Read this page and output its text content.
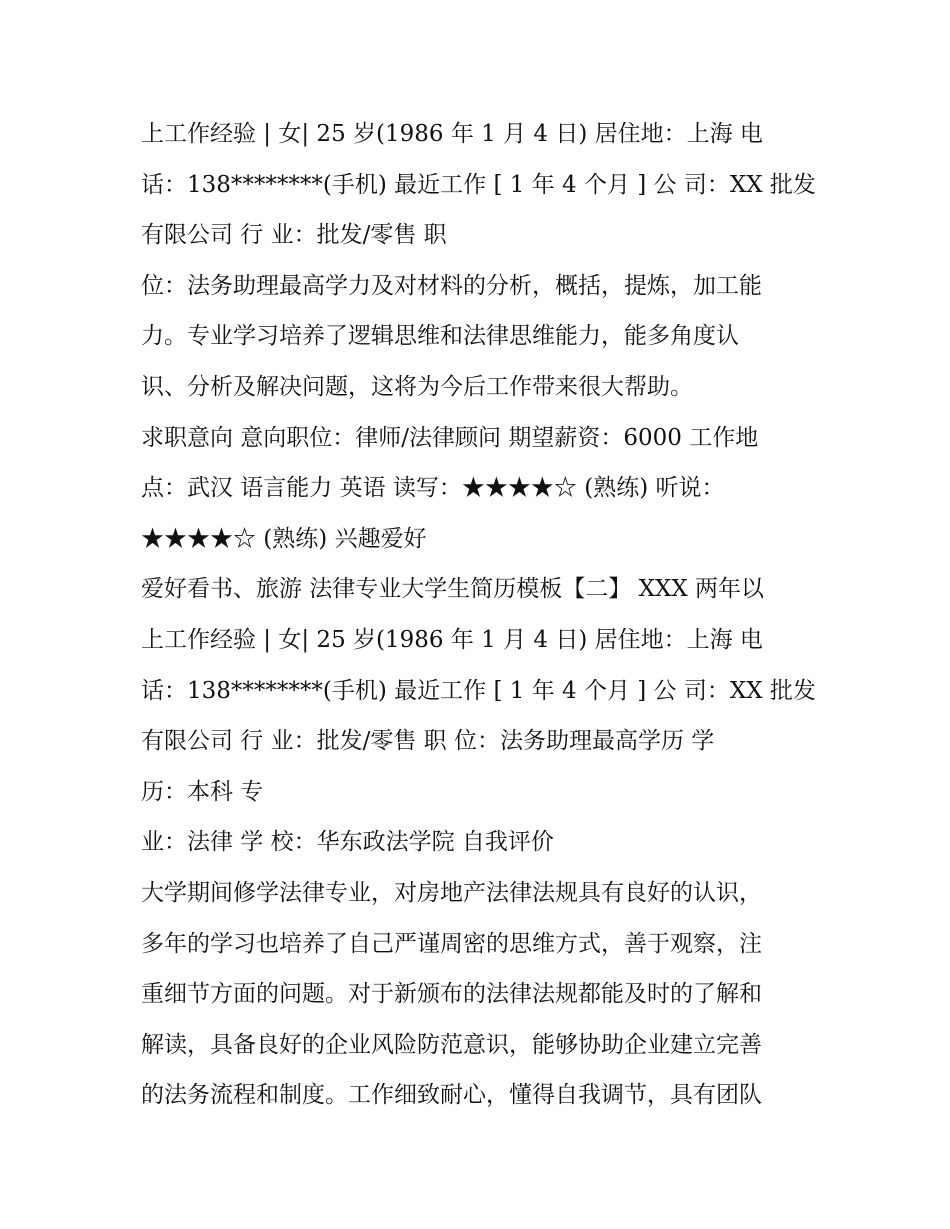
上工作经验 | 女| 25 岁(1986 年 1 月 4 日) 居住地：上海 电
话：138********(手机) 最近工作 [ 1 年 4 个月 ] 公 司：XX 批发
有限公司 行 业：批发/零售 职
位：法务助理最高学力及对材料的分析，概括，提炼，加工能
力。专业学习培养了逻辑思维和法律思维能力，能多角度认
识、分析及解决问题，这将为今后工作带来很大帮助。
求职意向 意向职位：律师/法律顾问 期望薪资：6000 工作地
点：武汉 语言能力 英语 读写：★★★★☆ (熟练) 听说：
★★★★☆ (熟练) 兴趣爱好
爱好看书、旅游 法律专业大学生简历模板【二】 XXX 两年以
上工作经验 | 女| 25 岁(1986 年 1 月 4 日) 居住地：上海 电
话：138********(手机) 最近工作 [ 1 年 4 个月 ] 公 司：XX 批发
有限公司 行 业：批发/零售 职 位：法务助理最高学历 学
历：本科 专
业：法律 学 校：华东政法学院 自我评价
大学期间修学法律专业，对房地产法律法规具有良好的认识，
多年的学习也培养了自己严谨周密的思维方式，善于观察，注
重细节方面的问题。对于新颁布的法律法规都能及时的了解和
解读，具备良好的企业风险防范意识，能够协助企业建立完善
的法务流程和制度。工作细致耐心，懂得自我调节，具有团队
